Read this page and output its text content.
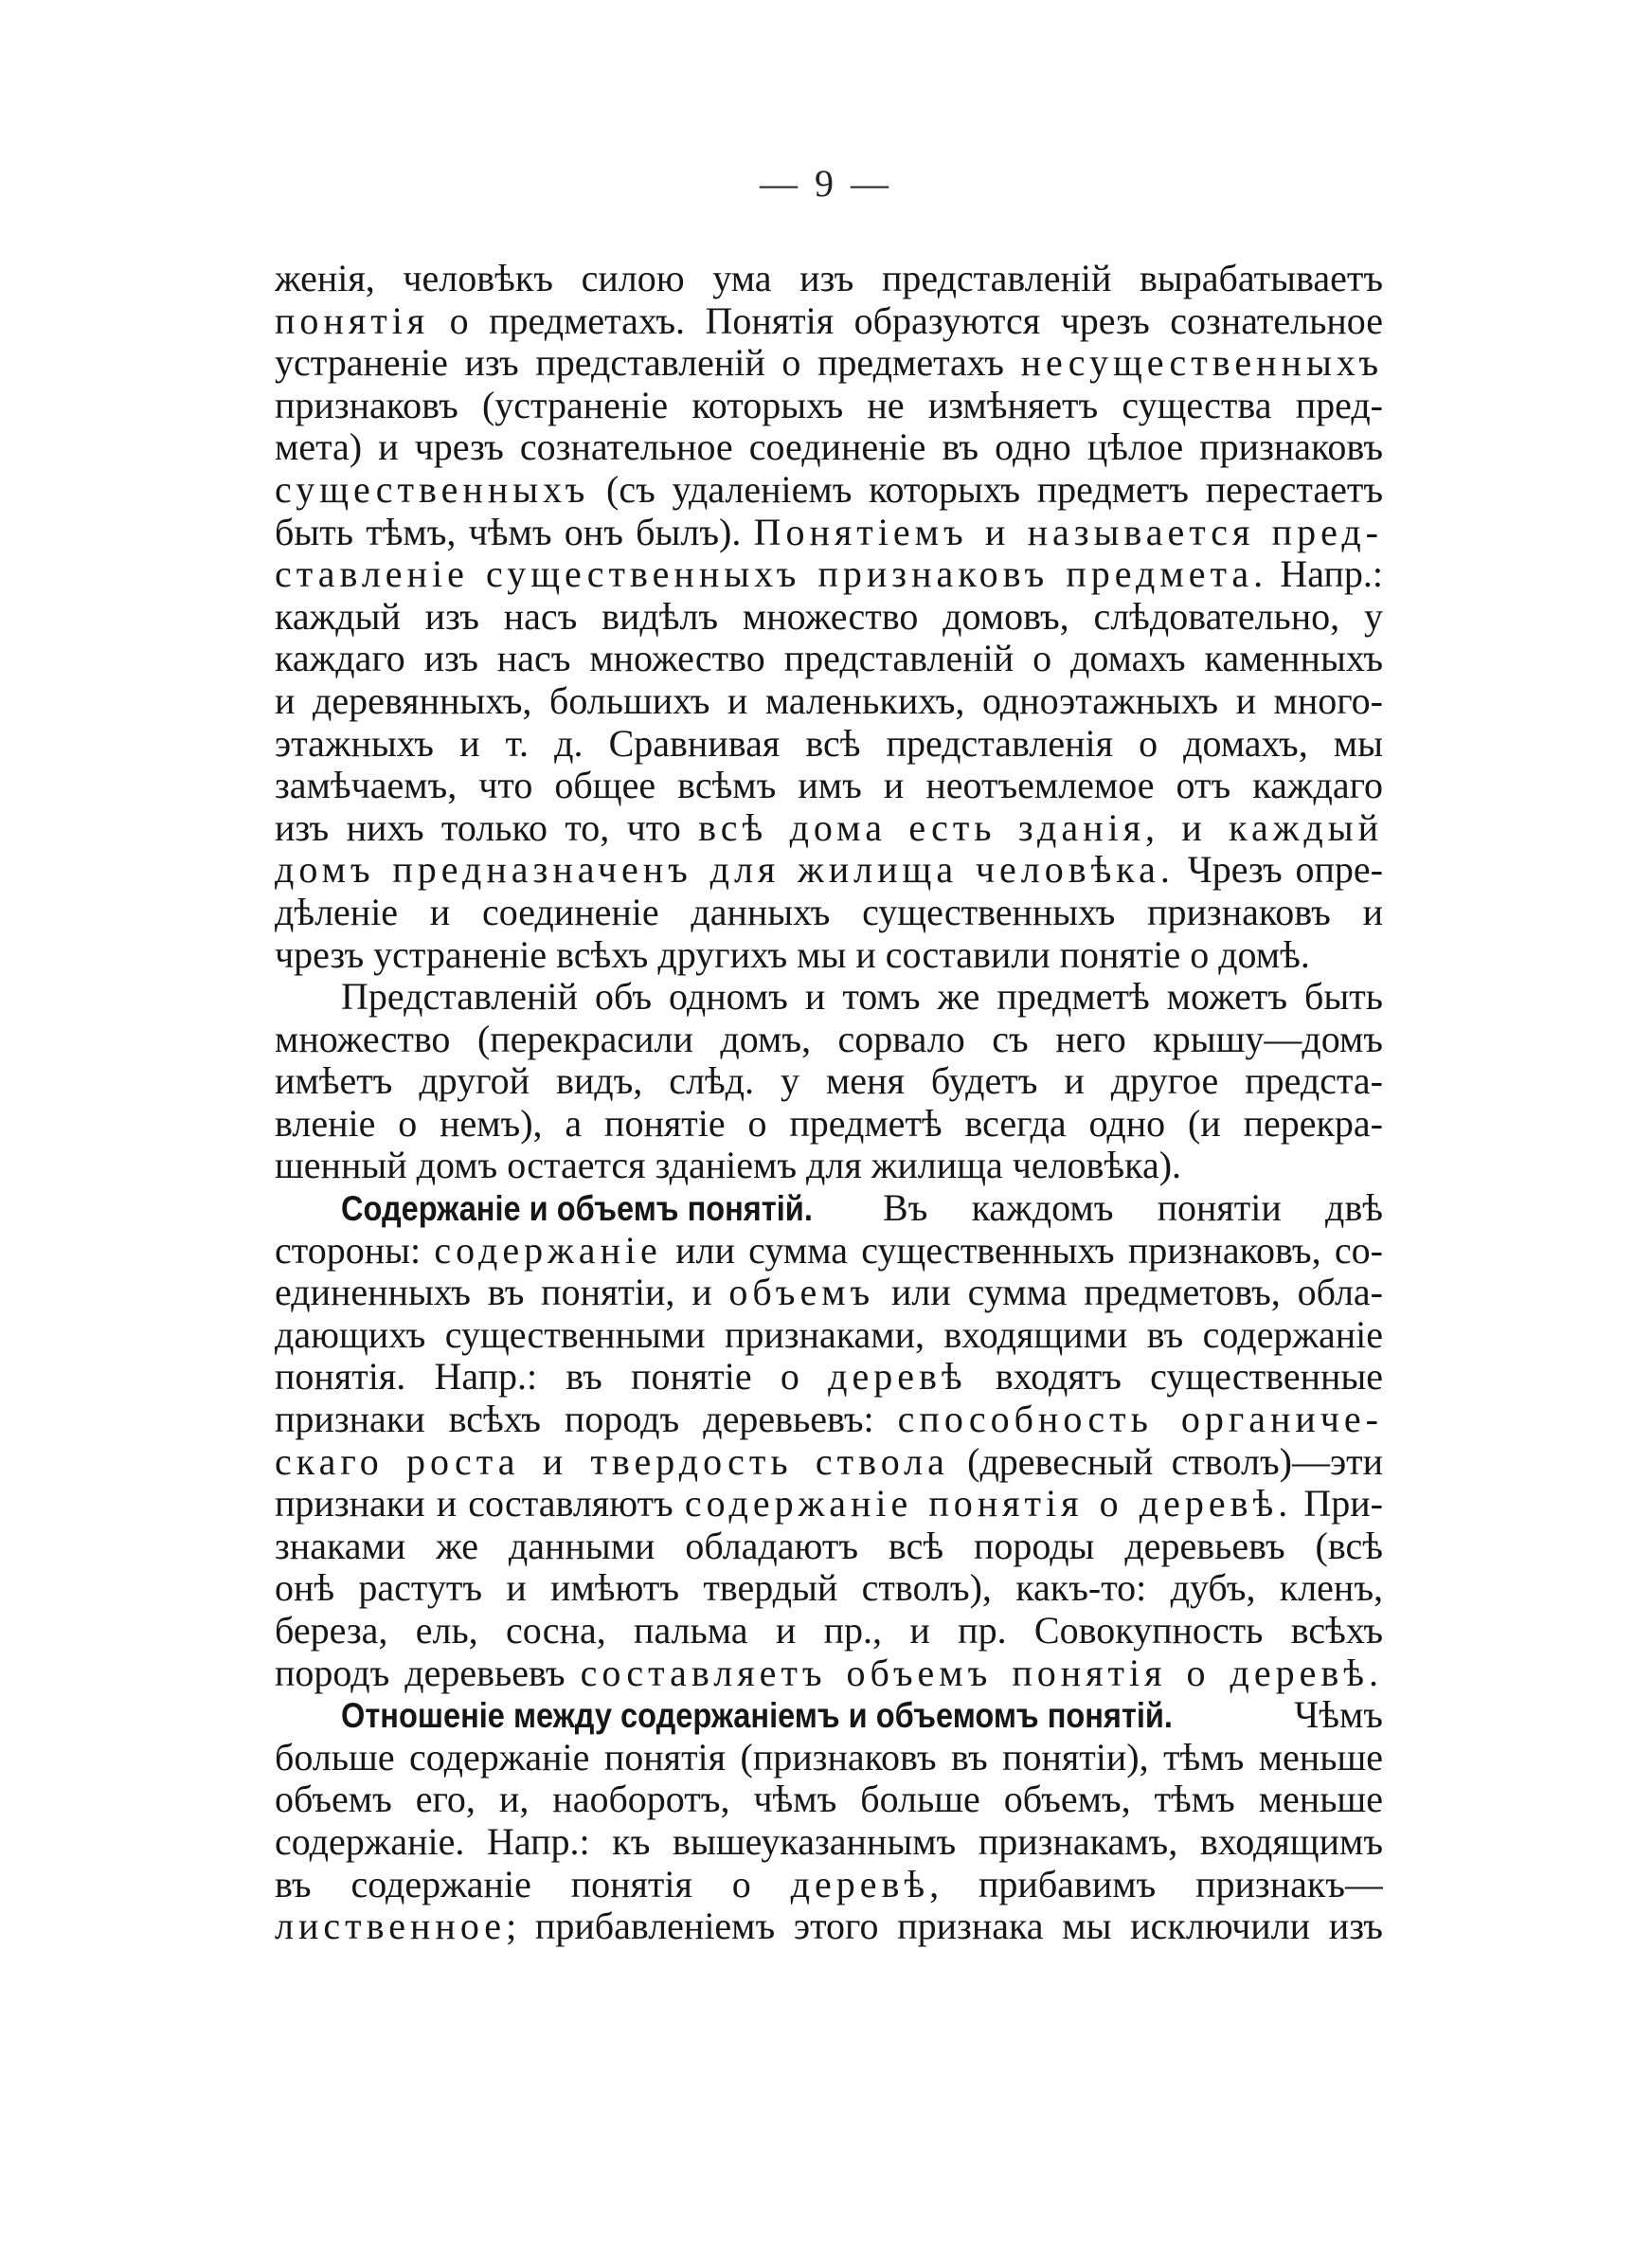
— 9 —
женія, человѣкъ силою ума изъ представленій вырабатываетъ
понятія о предметахъ. Понятія образуются чрезъ сознательное
устраненіе изъ представленій о предметахъ несущественныхъ
признаковъ (устраненіе которыхъ не измѣняетъ существа пред-
мета) и чрезъ сознательное соединеніе въ одно цѣлое признаковъ
существенныхъ (съ удаленіемъ которыхъ предметъ перестаетъ
быть тѣмъ, чѣмъ онъ былъ). Понятіемъ и называется пред-
ставленіе существенныхъ признаковъ предмета. Напр.:
каждый изъ насъ видѣлъ множество домовъ, слѣдовательно, у
каждаго изъ насъ множество представленій о домахъ каменныхъ
и деревянныхъ, большихъ и маленькихъ, одноэтажныхъ и много-
этажныхъ и т. д. Сравнивая всѣ представленія о домахъ, мы
замѣчаемъ, что общее всѣмъ имъ и неотъемлемое отъ каждаго
изъ нихъ только то, что всѣ дома есть зданія, и каждый
домъ предназначенъ для жилища человѣка. Чрезъ опре-
дѣленіе и соединеніе данныхъ существенныхъ признаковъ и
чрезъ устраненіе всѣхъ другихъ мы и составили понятіе о домѣ.
Представленій объ одномъ и томъ же предметѣ можетъ быть
множество (перекрасили домъ, сорвало съ него крышу—домъ
имѣетъ другой видъ, слѣд. у меня будетъ и другое предста-
вленіе о немъ), а понятіе о предметѣ всегда одно (и перекра-
шенный домъ остается зданіемъ для жилища человѣка).
Содержаніе и объемъ понятій. Въ каждомъ понятіи двѣ
стороны: содержаніе или сумма существенныхъ признаковъ, со-
единенныхъ въ понятіи, и объемъ или сумма предметовъ, обла-
дающихъ существенными признаками, входящими въ содержаніе
понятія. Напр.: въ понятіе о деревѣ входятъ существенные
признаки всѣхъ породъ деревьевъ: способность органиче-
скаго роста и твердость ствола (древесный стволъ)—эти
признаки и составляютъ содержаніе понятія о деревѣ. При-
знаками же данными обладаютъ всѣ породы деревьевъ (всѣ
онѣ растутъ и имѣютъ твердый стволъ), какъ-то: дубъ, кленъ,
береза, ель, сосна, пальма и пр., и пр. Совокупность всѣхъ
породъ деревьевъ составляетъ объемъ понятія о деревѣ.
Отношеніе между содержаніемъ и объемомъ понятій. Чѣмъ
больше содержаніе понятія (признаковъ въ понятіи), тѣмъ меньше
объемъ его, и, наоборотъ, чѣмъ больше объемъ, тѣмъ меньше
содержаніе. Напр.: къ вышеуказаннымъ признакамъ, входящимъ
въ содержаніе понятія о деревѣ, прибавимъ признакъ—
лиственное; прибавленіемъ этого признака мы исключили изъ
